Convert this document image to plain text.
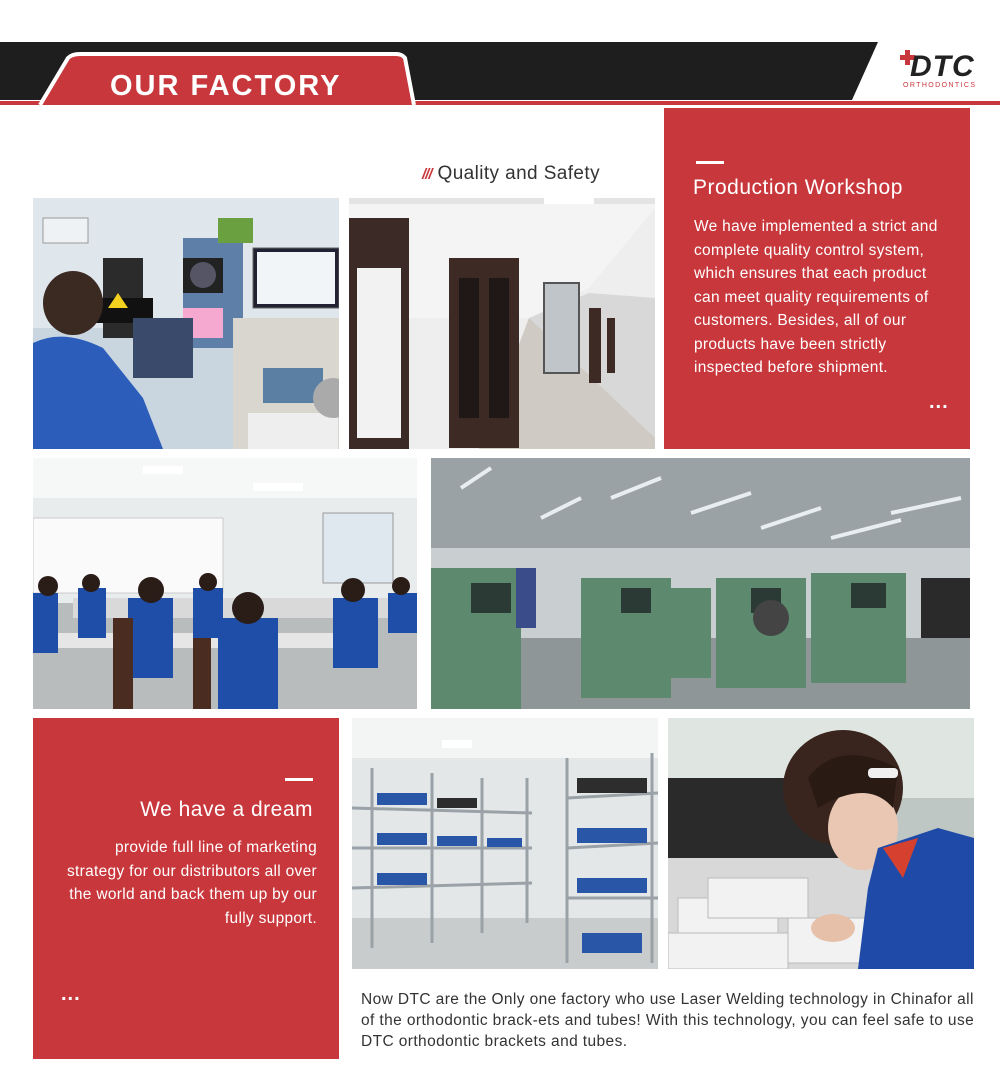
OUR FACTORY
DTC
ORTHODONTICS
/// Quality and Safety
Production Workshop

We have implemented a strict and complete quality control system, which ensures that each product can meet quality requirements of customers. Besides, all of our products have been strictly inspected before shipment.

...
We have a dream

provide full line of marketing strategy for our distributors all over the world and back them up by our fully support.

...	Now DTC are the Only one factory who use Laser Welding technology in Chinafor all of the orthodontic brack-ets and tubes! With this technology, you can feel safe to use DTC orthodontic brackets and tubes.
